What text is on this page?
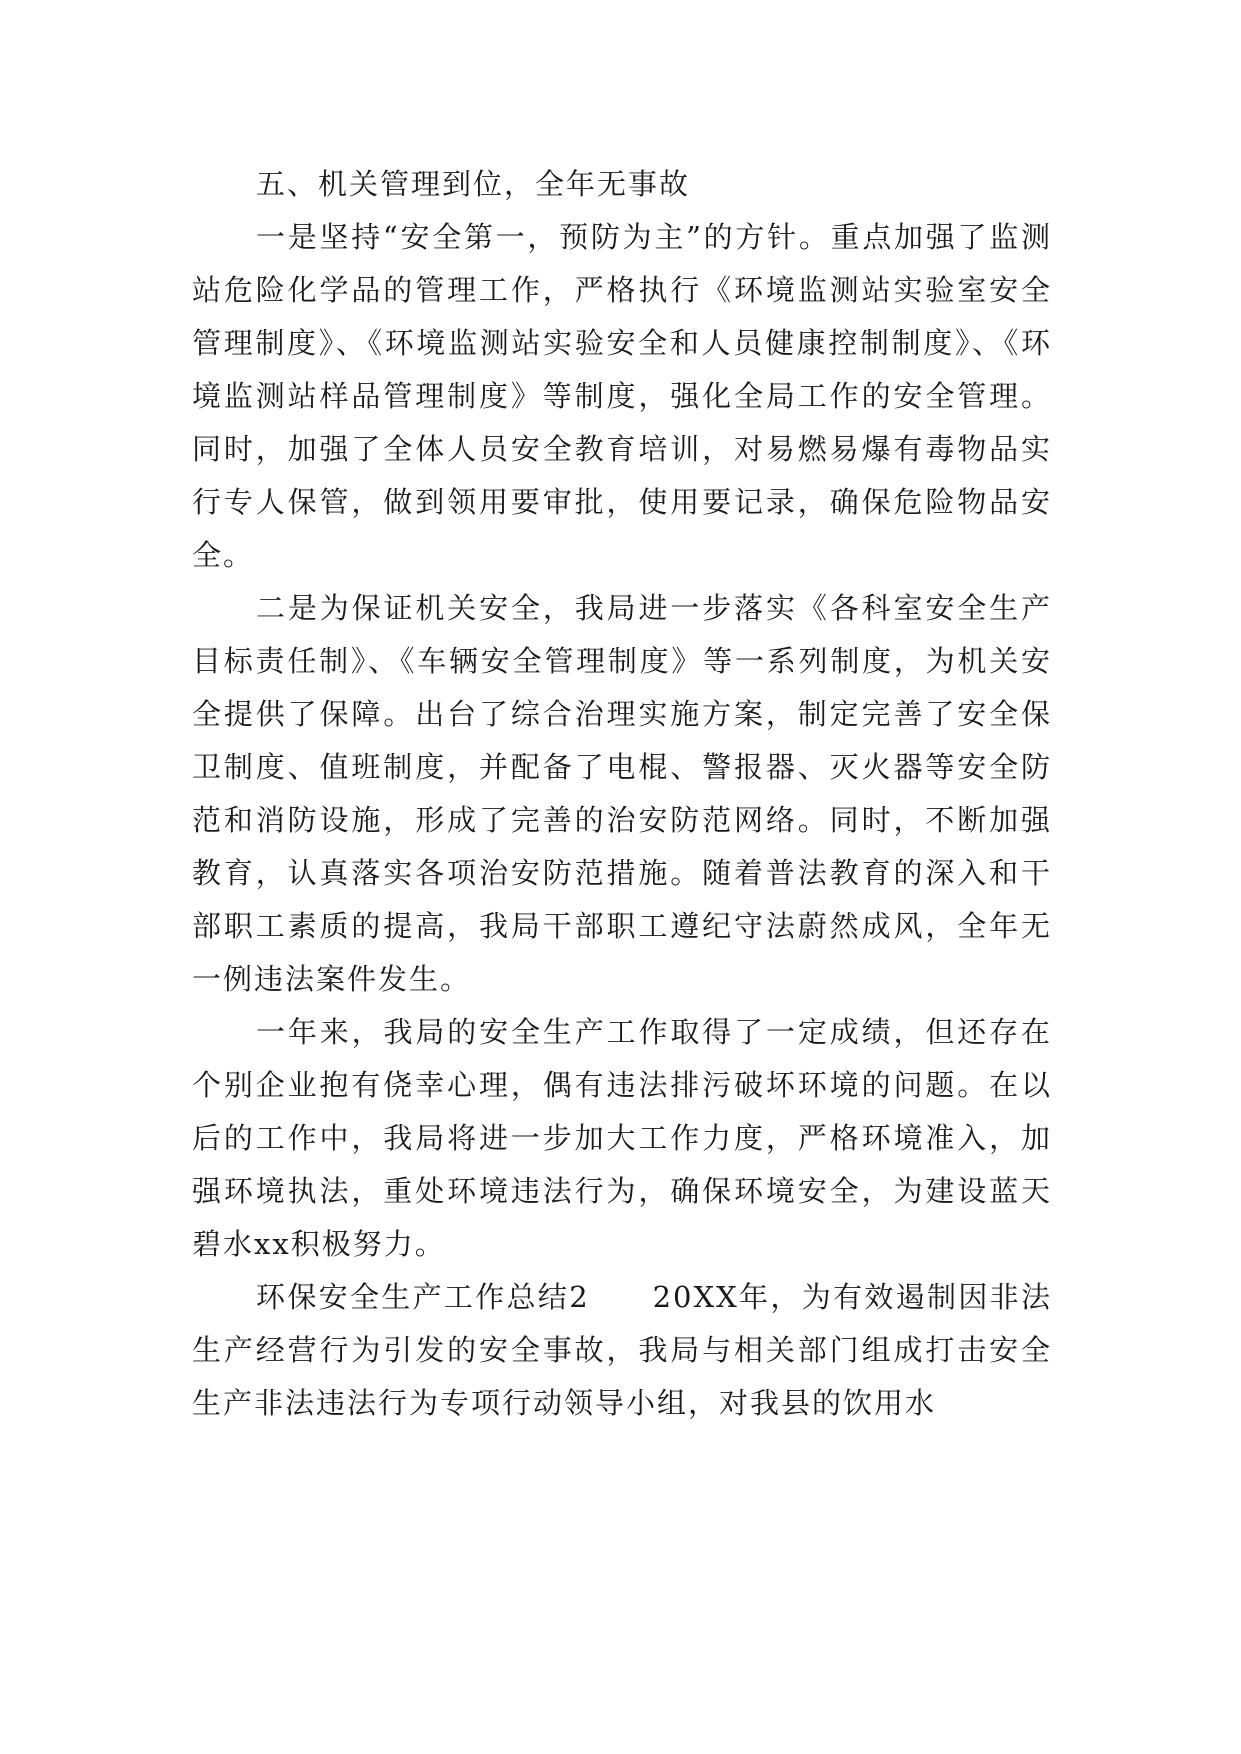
五、机关管理到位，全年无事故

一是坚持“安全第一，预防为主”的方针。重点加强了监测站危险化学品的管理工作，严格执行《环境监测站实验室安全管理制度》、《环境监测站实验安全和人员健康控制制度》、《环境监测站样品管理制度》等制度，强化全局工作的安全管理。同时，加强了全体人员安全教育培训，对易燃易爆有毒物品实行专人保管，做到领用要审批，使用要记录，确保危险物品安全。

二是为保证机关安全，我局进一步落实《各科室安全生产目标责任制》、《车辆安全管理制度》等一系列制度，为机关安全提供了保障。出台了综合治理实施方案，制定完善了安全保卫制度、值班制度，并配备了电棍、警报器、灭火器等安全防范和消防设施，形成了完善的治安防范网络。同时，不断加强教育，认真落实各项治安防范措施。随着普法教育的深入和干部职工素质的提高，我局干部职工遵纪守法蔚然成风，全年无一例违法案件发生。

一年来，我局的安全生产工作取得了一定成绩，但还存在个别企业抱有侥幸心理，偶有违法排污破坏环境的问题。在以后的工作中，我局将进一步加大工作力度，严格环境准入，加强环境执法，重处环境违法行为，确保环境安全，为建设蓝天碧水xx积极努力。

环保安全生产工作总结2　　20XX年，为有效遏制因非法生产经营行为引发的安全事故，我局与相关部门组成打击安全生产非法违法行为专项行动领导小组，对我县的饮用水
